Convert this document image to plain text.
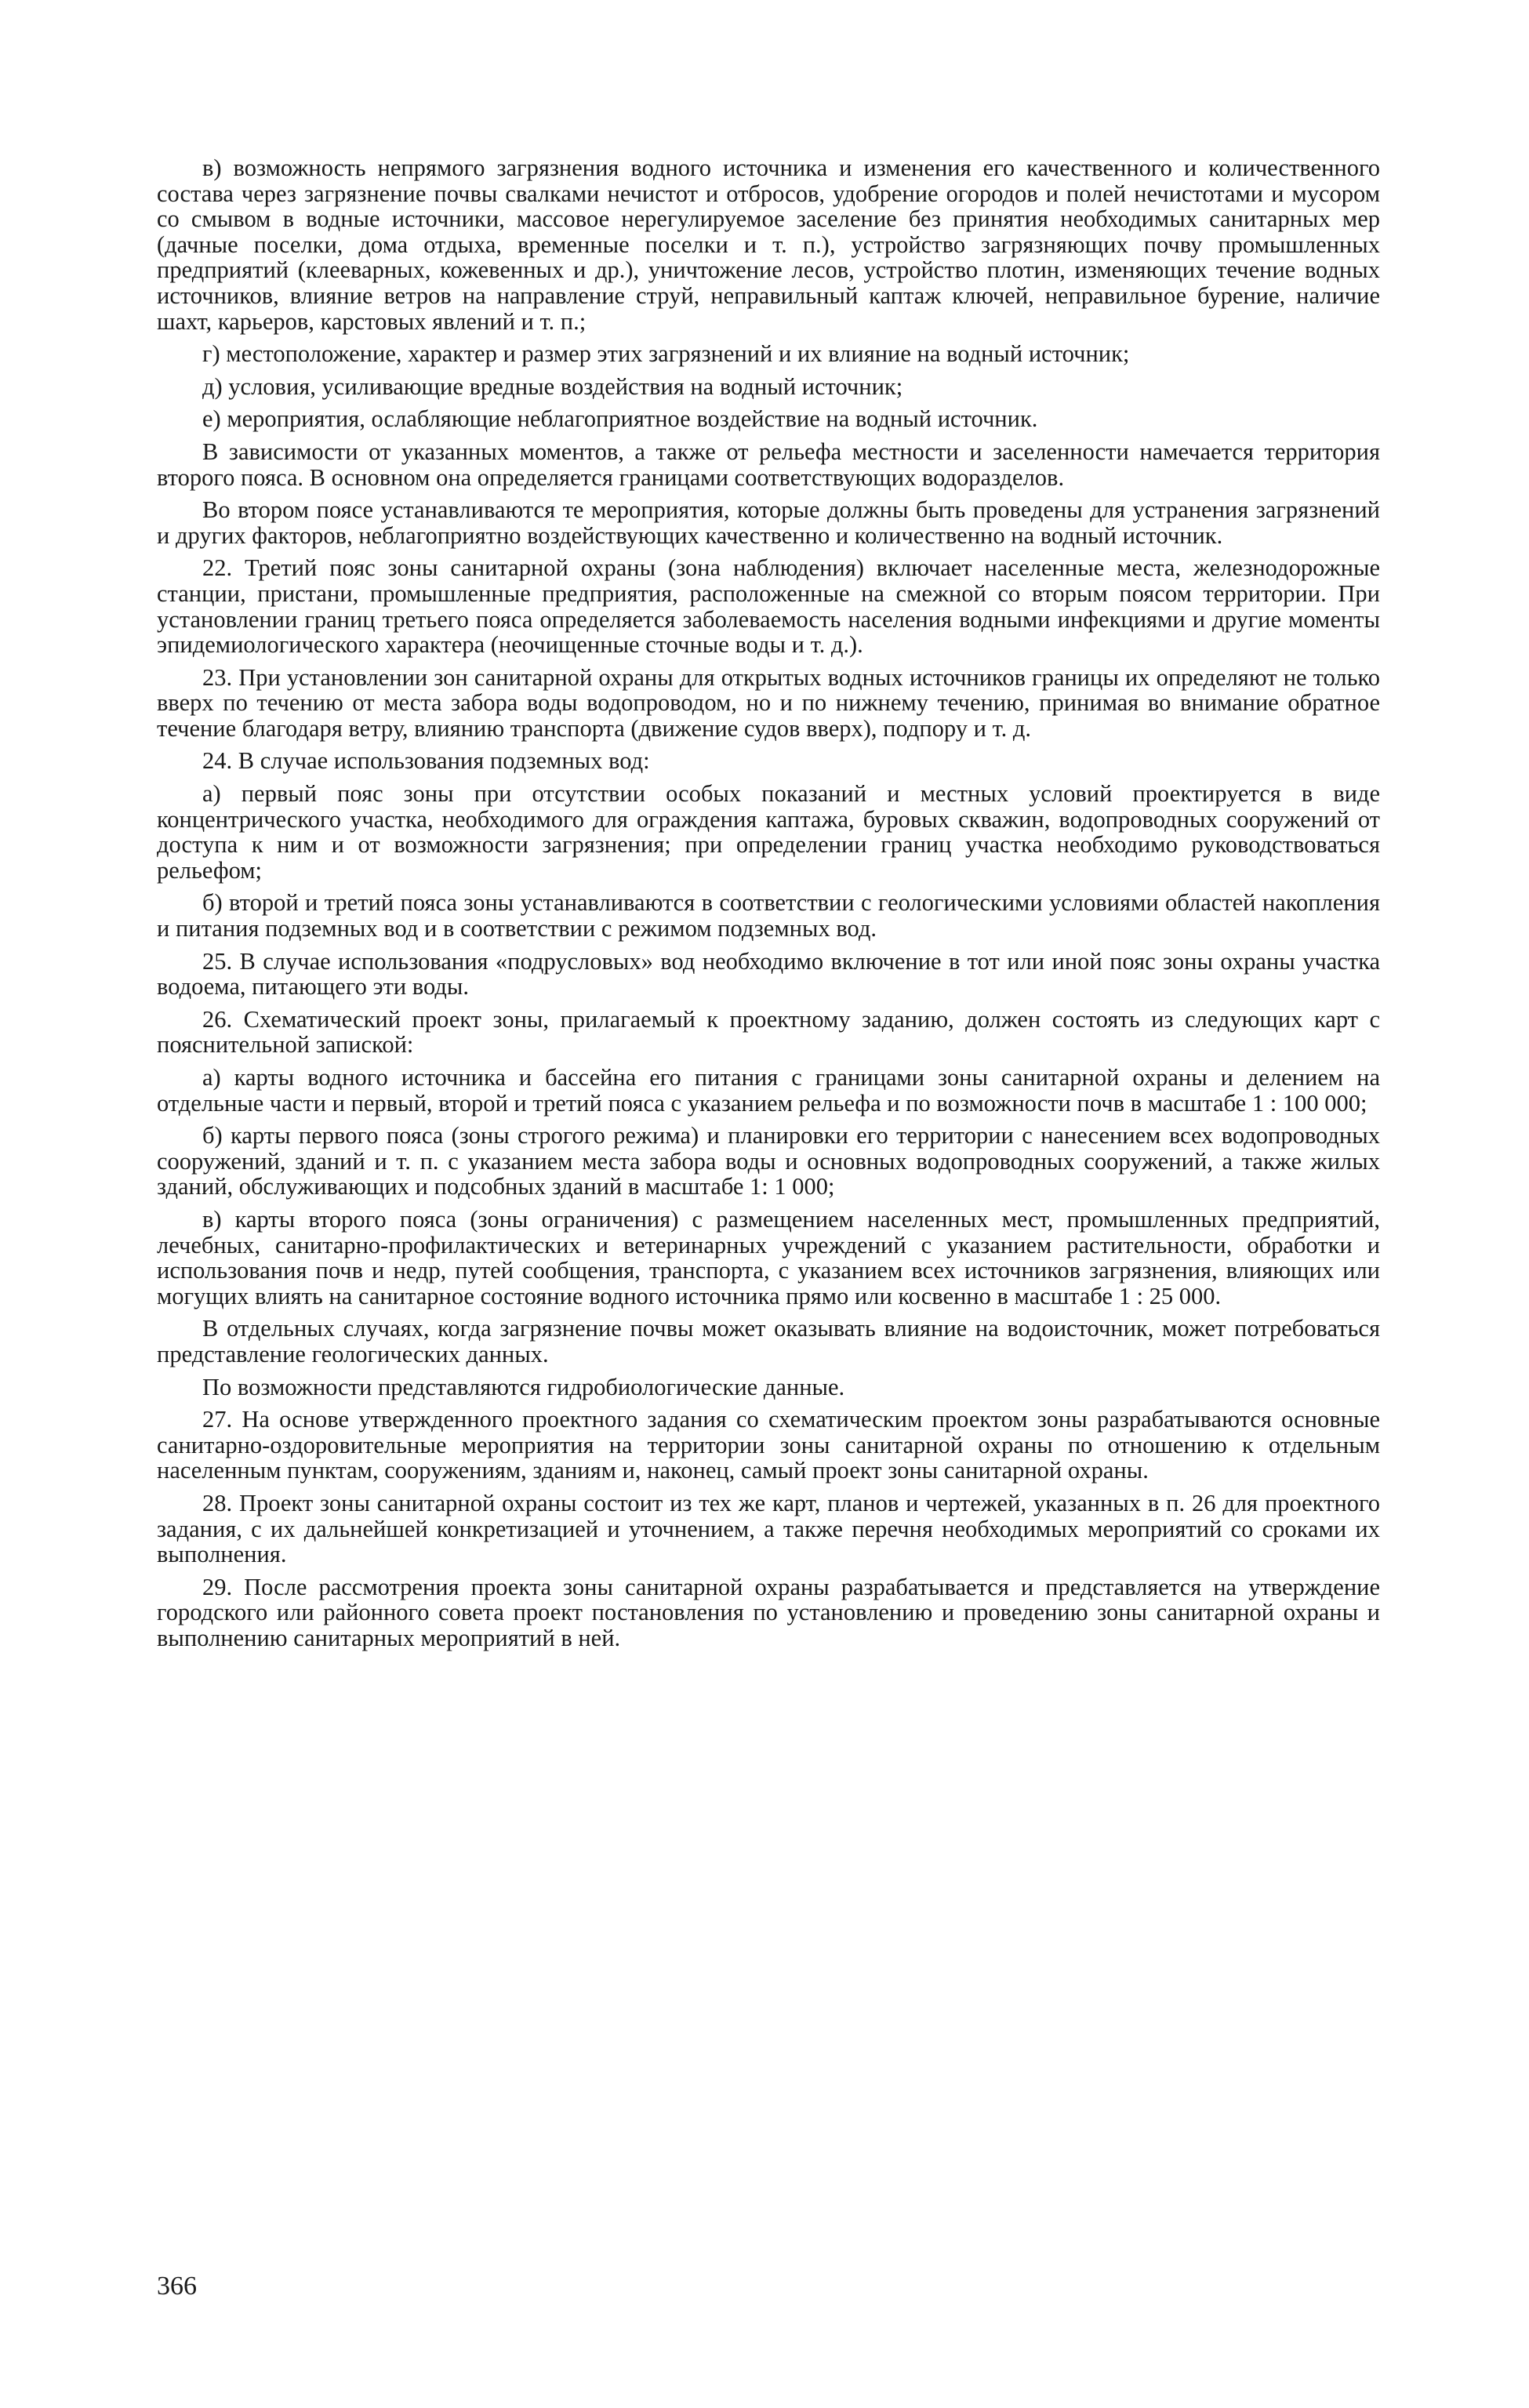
в) возможность непрямого загрязнения водного источника и изменения его качественного и количественного состава через загрязнение почвы свалками нечистот и отбросов, удобрение огородов и полей нечистотами и мусором со смывом в водные источники, массовое нерегулируемое заселение без принятия необходимых санитарных мер (дачные поселки, дома отдыха, временные поселки и т. п.), устройство загрязняющих почву промышленных предприятий (клееварных, кожевенных и др.), уничтожение лесов, устройство плотин, изменяющих течение водных источников, влияние ветров на направление струй, неправильный каптаж ключей, неправильное бурение, наличие шахт, карьеров, карстовых явлений и т. п.;

г) местоположение, характер и размер этих загрязнений и их влияние на водный источник;

д) условия, усиливающие вредные воздействия на водный источник;

е) мероприятия, ослабляющие неблагоприятное воздействие на водный источник.

В зависимости от указанных моментов, а также от рельефа местности и заселенности намечается территория второго пояса. В основном она определяется границами соответствующих водоразделов.

Во втором поясе устанавливаются те мероприятия, которые должны быть проведены для устранения загрязнений и других факторов, неблагоприятно воздействующих качественно и количественно на водный источник.

22. Третий пояс зоны санитарной охраны (зона наблюдения) включает населенные места, железнодорожные станции, пристани, промышленные предприятия, расположенные на смежной со вторым поясом территории. При установлении границ третьего пояса определяется заболеваемость населения водными инфекциями и другие моменты эпидемиологического характера (неочищенные сточные воды и т. д.).

23. При установлении зон санитарной охраны для открытых водных источников границы их определяют не только вверх по течению от места забора воды водопроводом, но и по нижнему течению, принимая во внимание обратное течение благодаря ветру, влиянию транспорта (движение судов вверх), подпору и т. д.

24. В случае использования подземных вод:

а) первый пояс зоны при отсутствии особых показаний и местных условий проектируется в виде концентрического участка, необходимого для ограждения каптажа, буровых скважин, водопроводных сооружений от доступа к ним и от возможности загрязнения; при определении границ участка необходимо руководствоваться рельефом;

б) второй и третий пояса зоны устанавливаются в соответствии с геологическими условиями областей накопления и питания подземных вод и в соответствии с режимом подземных вод.

25. В случае использования «подрусловых» вод необходимо включение в тот или иной пояс зоны охраны участка водоема, питающего эти воды.

26. Схематический проект зоны, прилагаемый к проектному заданию, должен состоять из следующих карт с пояснительной запиской:

а) карты водного источника и бассейна его питания с границами зоны санитарной охраны и делением на отдельные части и первый, второй и третий пояса с указанием рельефа и по возможности почв в масштабе 1 : 100 000;

б) карты первого пояса (зоны строгого режима) и планировки его территории с нанесением всех водопроводных сооружений, зданий и т. п. с указанием места забора воды и основных водопроводных сооружений, а также жилых зданий, обслуживающих и подсобных зданий в масштабе 1: 1 000;

в) карты второго пояса (зоны ограничения) с размещением населенных мест, промышленных предприятий, лечебных, санитарно-профилактических и ветеринарных учреждений с указанием растительности, обработки и использования почв и недр, путей сообщения, транспорта, с указанием всех источников загрязнения, влияющих или могущих влиять на санитарное состояние водного источника прямо или косвенно в масштабе 1 : 25 000.

В отдельных случаях, когда загрязнение почвы может оказывать влияние на водоисточник, может потребоваться представление геологических данных.

По возможности представляются гидробиологические данные.

27. На основе утвержденного проектного задания со схематическим проектом зоны разрабатываются основные санитарно-оздоровительные мероприятия на территории зоны санитарной охраны по отношению к отдельным населенным пунктам, сооружениям, зданиям и, наконец, самый проект зоны санитарной охраны.

28. Проект зоны санитарной охраны состоит из тех же карт, планов и чертежей, указанных в п. 26 для проектного задания, с их дальнейшей конкретизацией и уточнением, а также перечня необходимых мероприятий со сроками их выполнения.

29. После рассмотрения проекта зоны санитарной охраны разрабатывается и представляется на утверждение городского или районного совета проект постановления по установлению и проведению зоны санитарной охраны и выполнению санитарных мероприятий в ней.

366
